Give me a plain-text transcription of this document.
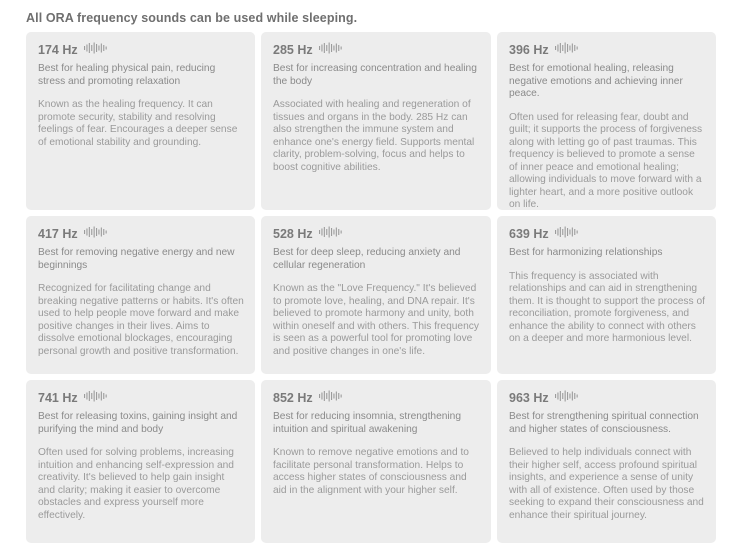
All ORA frequency sounds can be used while sleeping.
174 Hz

Best for healing physical pain, reducing stress and promoting relaxation

Known as the healing frequency. It can promote security, stability and resolving feelings of fear. Encourages a deeper sense of emotional stability and grounding.

285 Hz

Best for increasing concentration and healing the body

Associated with healing and regeneration of tissues and organs in the body. 285 Hz can also strengthen the immune system and enhance one's energy field. Supports mental clarity, problem-solving, focus and helps to boost cognitive abilities.

396 Hz

Best for emotional healing, releasing negative emotions and achieving inner peace.

Often used for releasing fear, doubt and guilt; it supports the process of forgiveness along with letting go of past traumas. This frequency is believed to promote a sense of inner peace and emotional healing; allowing individuals to move forward with a lighter heart, and a more positive outlook on life.

417 Hz

Best for removing negative energy and new beginnings

Recognized for facilitating change and breaking negative patterns or habits. It's often used to help people move forward and make positive changes in their lives. Aims to dissolve emotional blockages, encouraging personal growth and positive transformation.

528 Hz

Best for deep sleep, reducing anxiety and cellular regeneration

Known as the "Love Frequency." It's believed to promote love, healing, and DNA repair. It's believed to promote harmony and unity, both within oneself and with others. This frequency is seen as a powerful tool for promoting love and positive changes in one's life.

639 Hz

Best for harmonizing relationships

This frequency is associated with relationships and can aid in strengthening them. It is thought to support the process of reconciliation, promote forgiveness, and enhance the ability to connect with others on a deeper and more harmonious level.

741 Hz

Best for releasing toxins, gaining insight and purifying the mind and body

Often used for solving problems, increasing intuition and enhancing self-expression and creativity. It's believed to help gain insight and clarity; making it easier to overcome obstacles and express yourself more effectively.

852 Hz

Best for reducing insomnia, strengthening intuition and spiritual awakening

Known to remove negative emotions and to facilitate personal transformation. Helps to access higher states of consciousness and aid in the alignment with your higher self.

963 Hz

Best for strengthening spiritual connection and higher states of consciousness.

Believed to help individuals connect with their higher self, access profound spiritual insights, and experience a sense of unity with all of existence. Often used by those seeking to expand their consciousness and enhance their spiritual journey.
